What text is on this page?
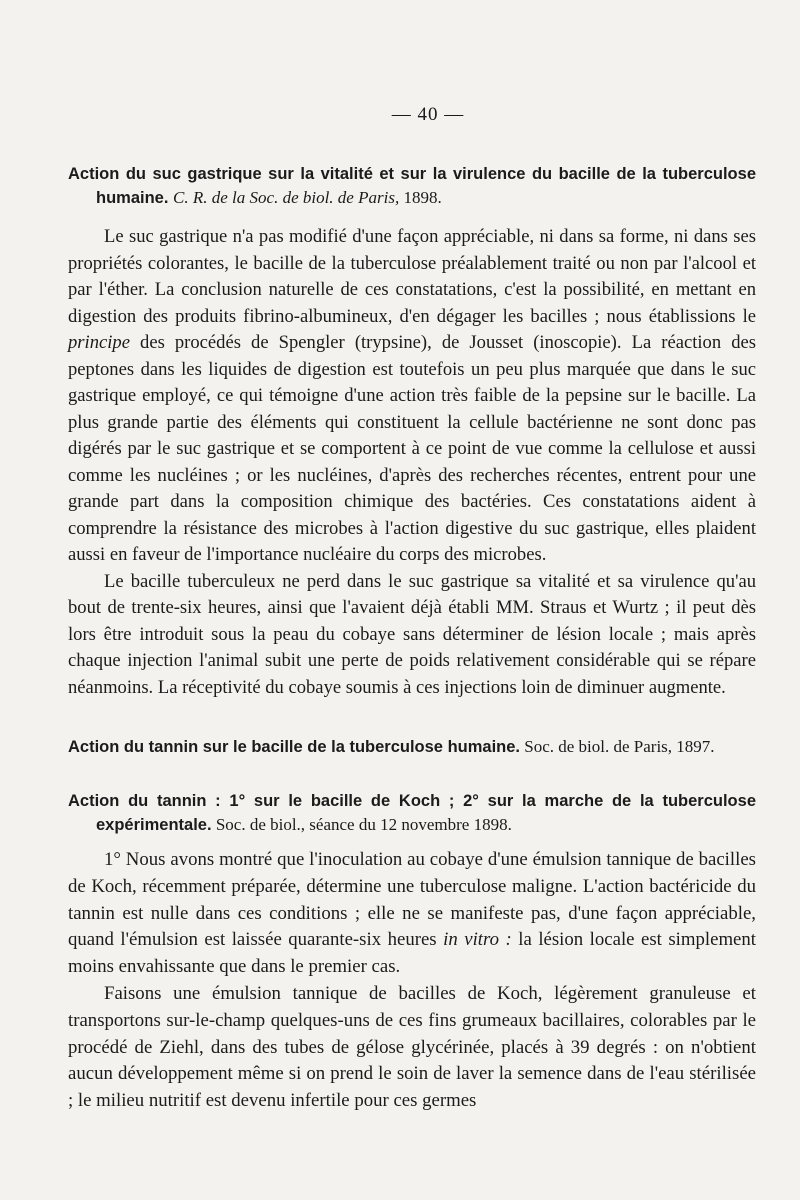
— 40 —

Action du suc gastrique sur la vitalité et sur la virulence du bacille de la tuberculose humaine. C. R. de la Soc. de biol. de Paris, 1898.

Le suc gastrique n'a pas modifié d'une façon appréciable, ni dans sa forme, ni dans ses propriétés colorantes, le bacille de la tuberculose préalablement traité ou non par l'alcool et par l'éther. La conclusion naturelle de ces constatations, c'est la possibilité, en mettant en digestion des produits fibrino-albumineux, d'en dégager les bacilles ; nous établissions le principe des procédés de Spengler (trypsine), de Jousset (inoscopie). La réaction des peptones dans les liquides de digestion est toutefois un peu plus marquée que dans le suc gastrique employé, ce qui témoigne d'une action très faible de la pepsine sur le bacille. La plus grande partie des éléments qui constituent la cellule bactérienne ne sont donc pas digérés par le suc gastrique et se comportent à ce point de vue comme la cellulose et aussi comme les nucléines ; or les nucléines, d'après des recherches récentes, entrent pour une grande part dans la composition chimique des bactéries. Ces constatations aident à comprendre la résistance des microbes à l'action digestive du suc gastrique, elles plaident aussi en faveur de l'importance nucléaire du corps des microbes.

Le bacille tuberculeux ne perd dans le suc gastrique sa vitalité et sa virulence qu'au bout de trente-six heures, ainsi que l'avaient déjà établi MM. Straus et Wurtz ; il peut dès lors être introduit sous la peau du cobaye sans déterminer de lésion locale ; mais après chaque injection l'animal subit une perte de poids relativement considérable qui se répare néanmoins. La réceptivité du cobaye soumis à ces injections loin de diminuer augmente.

Action du tannin sur le bacille de la tuberculose humaine. Soc. de biol. de Paris, 1897.

Action du tannin : 1° sur le bacille de Koch ; 2° sur la marche de la tuberculose expérimentale. Soc. de biol., séance du 12 novembre 1898.

1° Nous avons montré que l'inoculation au cobaye d'une émulsion tannique de bacilles de Koch, récemment préparée, détermine une tuberculose maligne. L'action bactéricide du tannin est nulle dans ces conditions ; elle ne se manifeste pas, d'une façon appréciable, quand l'émulsion est laissée quarante-six heures in vitro : la lésion locale est simplement moins envahissante que dans le premier cas.

Faisons une émulsion tannique de bacilles de Koch, légèrement granuleuse et transportons sur-le-champ quelques-uns de ces fins grumeaux bacillaires, colorables par le procédé de Ziehl, dans des tubes de gélose glycérinée, placés à 39 degrés : on n'obtient aucun développement même si on prend le soin de laver la semence dans de l'eau stérilisée ; le milieu nutritif est devenu infertile pour ces germes
